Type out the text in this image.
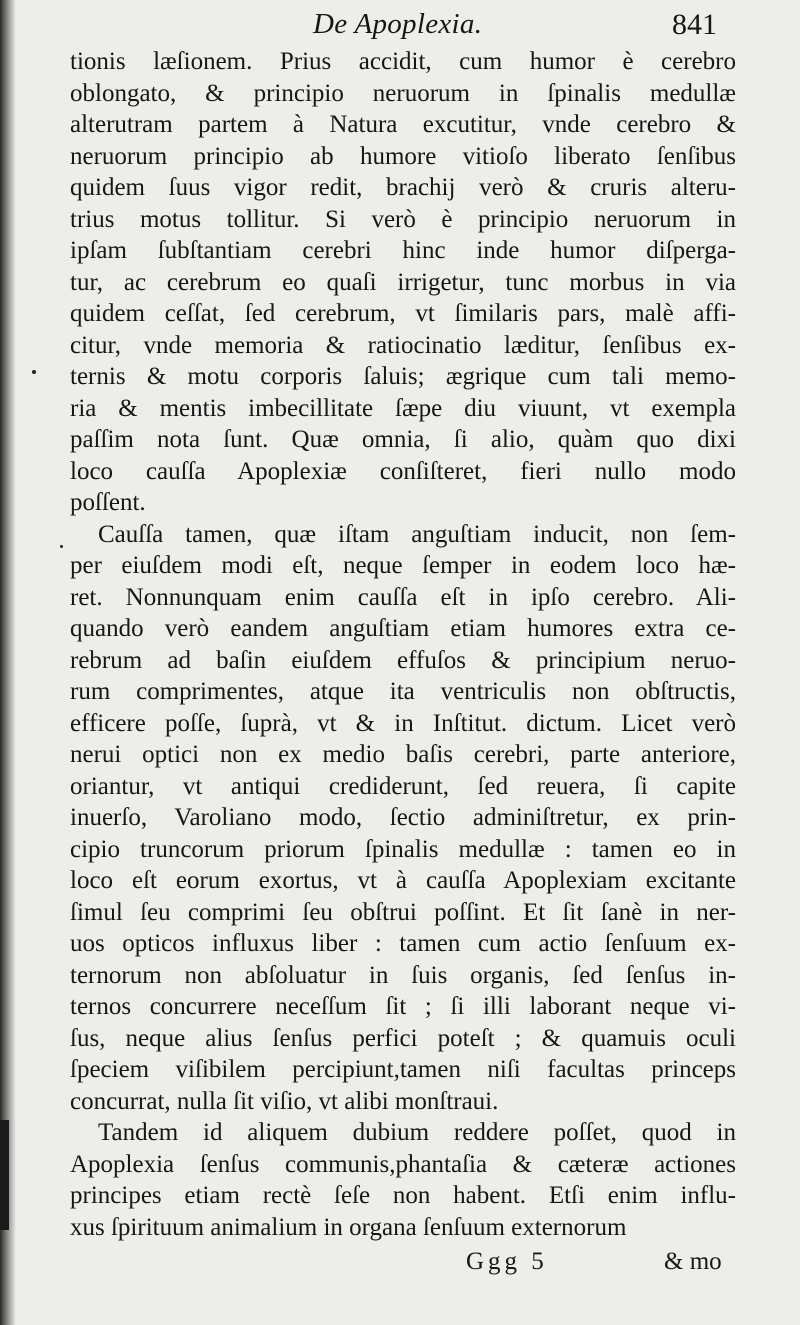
De Apoplexia.	841
tionis læſionem. Prius accidit, cum humor è cerebro
oblongato, & principio neruorum in ſpinalis medullæ
alterutram partem à Natura excutitur, vnde cerebro &
neruorum principio ab humore vitioſo liberato ſenſibus
quidem ſuus vigor redit, brachij verò & cruris alteru-
trius motus tollitur. Si verò è principio neruorum in
ipſam ſubſtantiam cerebri hinc inde humor diſperga-
tur, ac cerebrum eo quaſi irrigetur, tunc morbus in via
quidem ceſſat, ſed cerebrum, vt ſimilaris pars, malè affi-
citur, vnde memoria & ratiocinatio læditur, ſenſibus ex-
ternis & motu corporis ſaluis; ægrique cum tali memo-
ria & mentis imbecillitate ſæpe diu viuunt, vt exempla
paſſim nota ſunt. Quæ omnia, ſi alio, quàm quo dixi
loco cauſſa Apoplexiæ conſiſteret, fieri nullo modo
poſſent.
Cauſſa tamen, quæ iſtam anguſtiam inducit, non ſem-
per eiuſdem modi eſt, neque ſemper in eodem loco hæ-
ret. Nonnunquam enim cauſſa eſt in ipſo cerebro. Ali-
quando verò eandem anguſtiam etiam humores extra ce-
rebrum ad baſin eiuſdem effuſos & principium neruo-
rum comprimentes, atque ita ventriculis non obſtructis,
efficere poſſe, ſuprà, vt & in Inſtitut. dictum. Licet verò
nerui optici non ex medio baſis cerebri, parte anteriore,
oriantur, vt antiqui crediderunt, ſed reuera, ſi capite
inuerſo, Varoliano modo, ſectio adminiſtretur, ex prin-
cipio truncorum priorum ſpinalis medullæ : tamen eo in
loco eſt eorum exortus, vt à cauſſa Apoplexiam excitante
ſimul ſeu comprimi ſeu obſtrui poſſint. Et ſit ſanè in ner-
uos opticos influxus liber : tamen cum actio ſenſuum ex-
ternorum non abſoluatur in ſuis organis, ſed ſenſus in-
ternos concurrere neceſſum ſit ; ſi illi laborant neque vi-
ſus, neque alius ſenſus perfici poteſt ; & quamuis oculi
ſpeciem viſibilem percipiunt,tamen niſi facultas princeps
concurrat, nulla ſit viſio, vt alibi monſtraui.
Tandem id aliquem dubium reddere poſſet, quod in
Apoplexia ſenſus communis,phantaſia & cæteræ actiones
principes etiam rectè ſeſe non habent. Etſi enim influ-
xus ſpirituum animalium in organa ſenſuum externorum
Ggg 5	& mo
